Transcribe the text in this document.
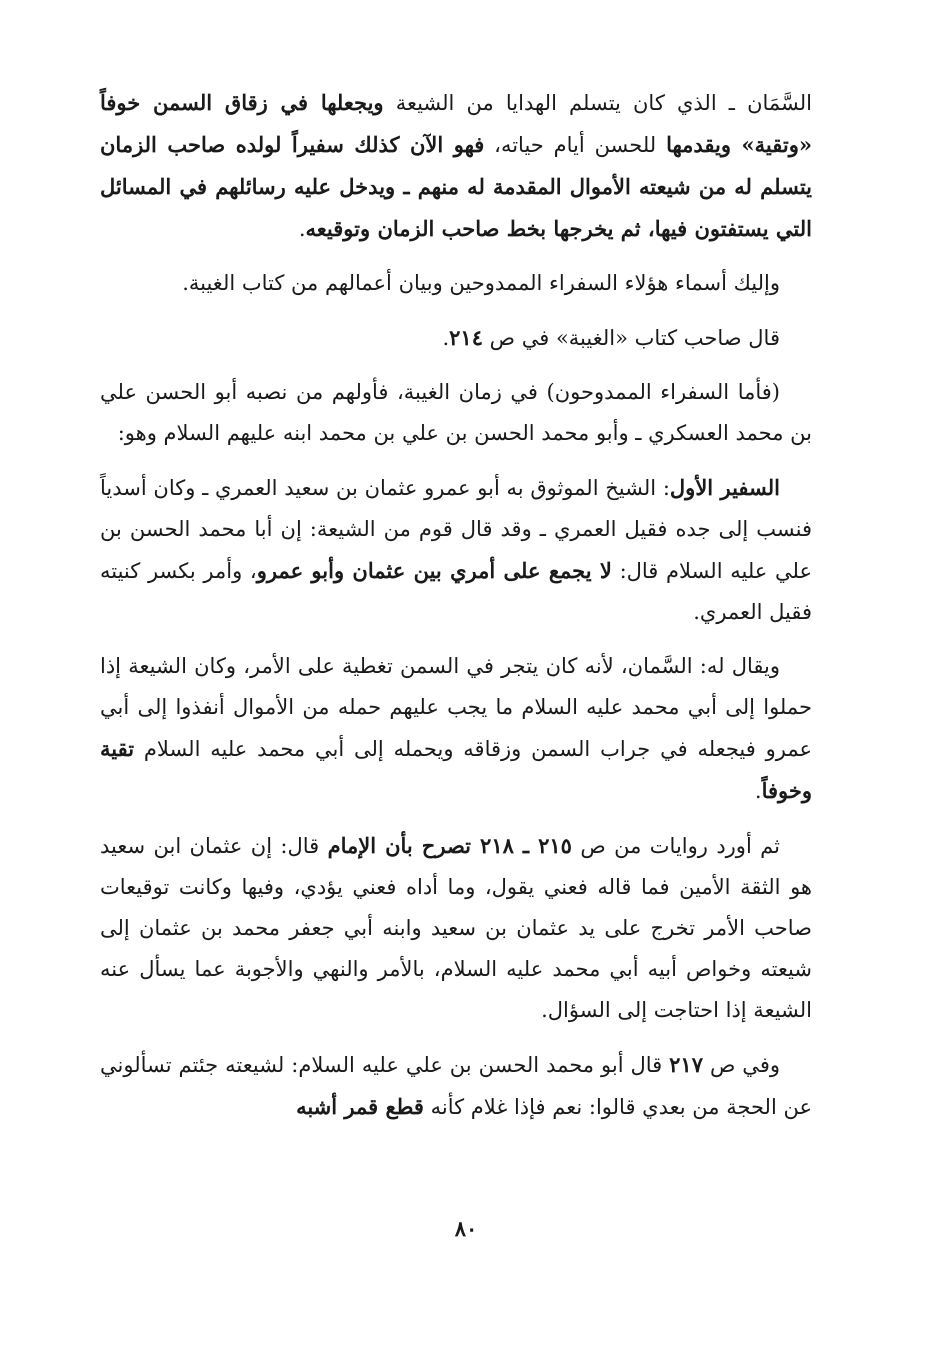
السَّمَان ـ الذي كان يتسلم الهدايا من الشيعة ويجعلها في زقاق السمن خوفاً «وتقية» ويقدمها للحسن أيام حياته، فهو الآن كذلك سفيراً لولده صاحب الزمان يتسلم له من شيعته الأموال المقدمة له منهم ـ ويدخل عليه رسائلهم في المسائل التي يستفتون فيها، ثم يخرجها بخط صاحب الزمان وتوقيعه.

وإليك أسماء هؤلاء السفراء الممدوحين وبيان أعمالهم من كتاب الغيبة.

قال صاحب كتاب «الغيبة» في ص ٢١٤.

(فأما السفراء الممدوحون) في زمان الغيبة، فأولهم من نصبه أبو الحسن علي بن محمد العسكري ـ وأبو محمد الحسن بن علي بن محمد ابنه عليهم السلام وهو:

السفير الأول: الشيخ الموثوق به أبو عمرو عثمان بن سعيد العمري ـ وكان أسدياً فنسب إلى جده فقيل العمري ـ وقد قال قوم من الشيعة: إن أبا محمد الحسن بن علي عليه السلام قال: لا يجمع على أمري بين عثمان وأبو عمرو، وأمر بكسر كنيته فقيل العمري.

ويقال له: السَّمان، لأنه كان يتجر في السمن تغطية على الأمر، وكان الشيعة إذا حملوا إلى أبي محمد عليه السلام ما يجب عليهم حمله من الأموال أنفذوا إلى أبي عمرو فيجعله في جراب السمن وزقاقه ويحمله إلى أبي محمد عليه السلام تقية وخوفاً.

ثم أورد روايات من ص ٢١٥ ـ ٢١٨ تصرح بأن الإمام قال: إن عثمان ابن سعيد هو الثقة الأمين فما قاله فعني يقول، وما أداه فعني يؤدي، وفيها وكانت توقيعات صاحب الأمر تخرج على يد عثمان بن سعيد وابنه أبي جعفر محمد بن عثمان إلى شيعته وخواص أبيه أبي محمد عليه السلام، بالأمر والنهي والأجوبة عما يسأل عنه الشيعة إذا احتاجت إلى السؤال.

وفي ص ٢١٧ قال أبو محمد الحسن بن علي عليه السلام: لشيعته جئتم تسألوني عن الحجة من بعدي قالوا: نعم فإذا غلام كأنه قطع قمر أشبه

٨٠
